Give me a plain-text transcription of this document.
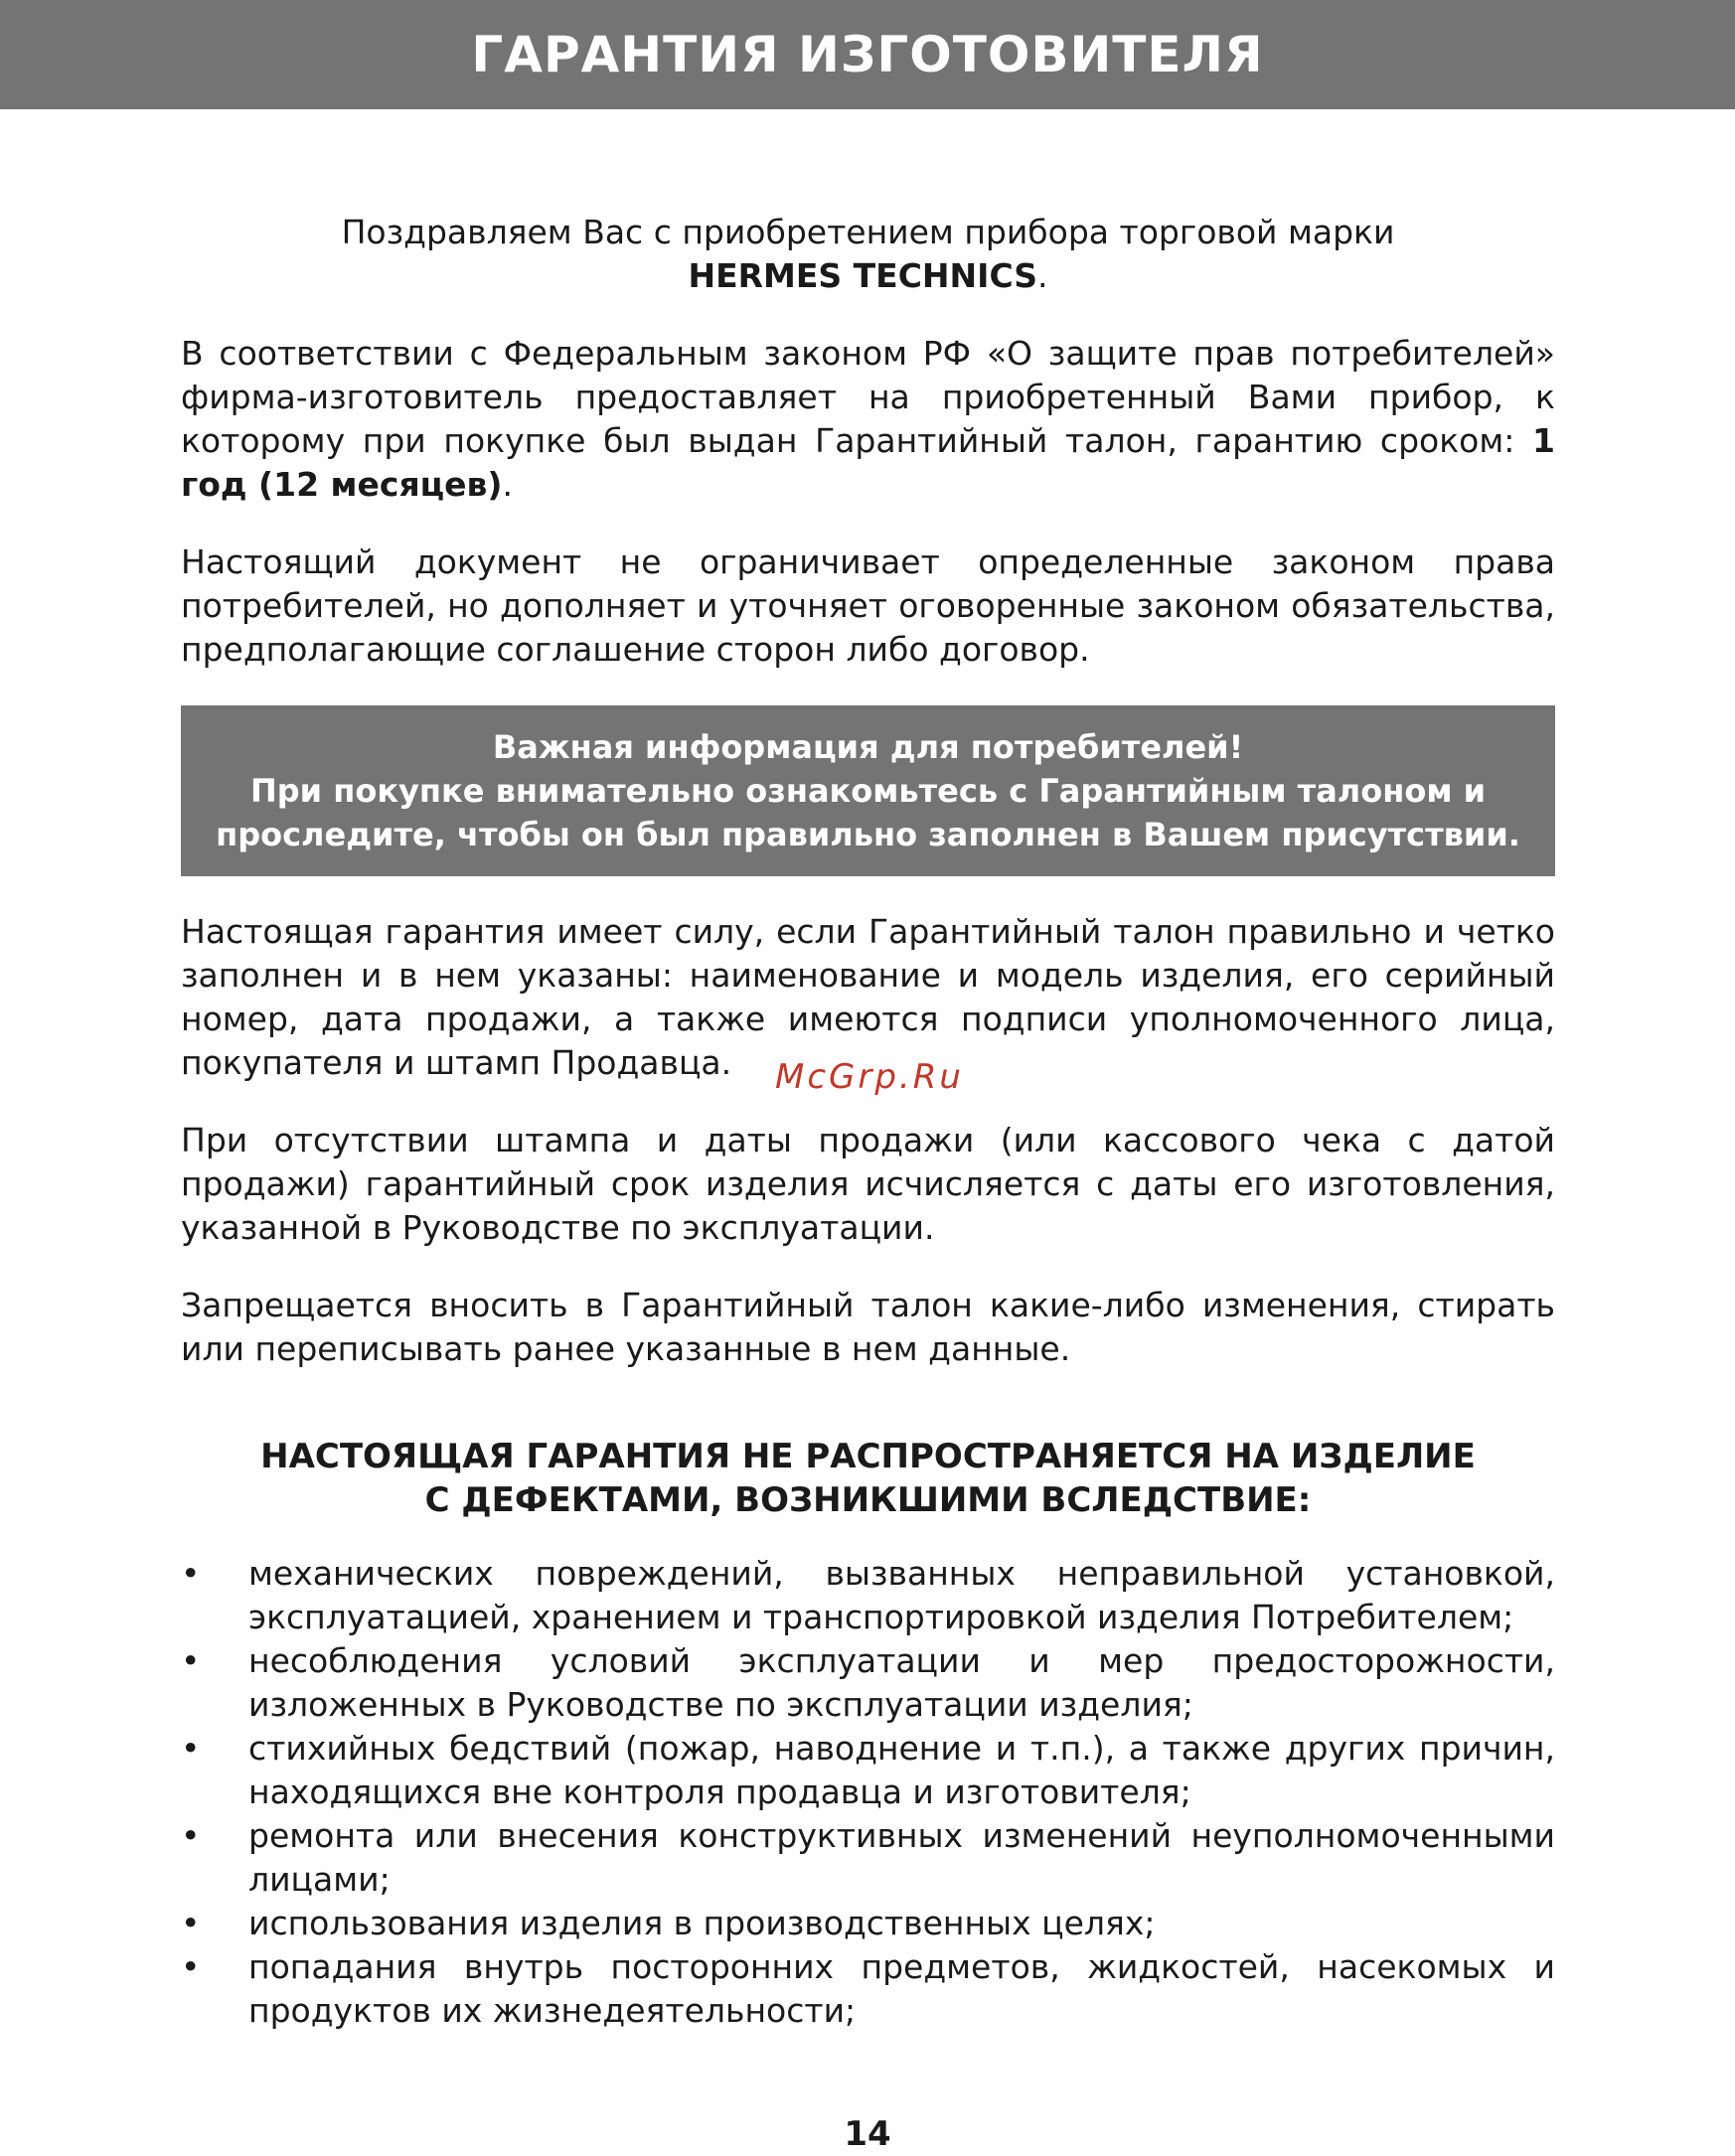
ГАРАНТИЯ ИЗГОТОВИТЕЛЯ

Поздравляем Вас с приобретением прибора торговой марки

HERMES TECHNICS.

В соответствии с Федеральным законом РФ «О защите прав потребителей» фирма-изготовитель предоставляет на приобретенный Вами прибор, к которому при покупке был выдан Гарантийный талон, гарантию сроком: 1 год (12 месяцев).

Настоящий документ не ограничивает определенные законом права потребителей, но дополняет и уточняет оговоренные законом обязательства, предполагающие соглашение сторон либо договор.

Важная информация для потребителей!
При покупке внимательно ознакомьтесь с Гарантийным талоном и проследите, чтобы он был правильно заполнен в Вашем присутствии.

Настоящая гарантия имеет силу, если Гарантийный талон правильно и четко заполнен и в нем указаны: наименование и модель изделия, его серийный номер, дата продажи, а также имеются подписи уполномоченного лица, покупателя и штамп Продавца.

При отсутствии штампа и даты продажи (или кассового чека с датой продажи) гарантийный срок изделия исчисляется с даты его изготовления, указанной в Руководстве по эксплуатации.

Запрещается вносить в Гарантийный талон какие-либо изменения, стирать или переписывать ранее указанные в нем данные.

НАСТОЯЩАЯ ГАРАНТИЯ НЕ РАСПРОСТРАНЯЕТСЯ НА ИЗДЕЛИЕ
С ДЕФЕКТАМИ, ВОЗНИКШИМИ ВСЛЕДСТВИЕ:
• механических повреждений, вызванных неправильной установкой, эксплуатацией, хранением и транспортировкой изделия Потребителем;
• несоблюдения условий эксплуатации и мер предосторожности, изложенных в Руководстве по эксплуатации изделия;
• стихийных бедствий (пожар, наводнение и т.п.), а также других причин, находящихся вне контроля продавца и изготовителя;
• ремонта или внесения конструктивных изменений неуполномоченными лицами;
• использования изделия в производственных целях;
• попадания внутрь посторонних предметов, жидкостей, насекомых и продуктов их жизнедеятельности;
McGrp.Ru
14
